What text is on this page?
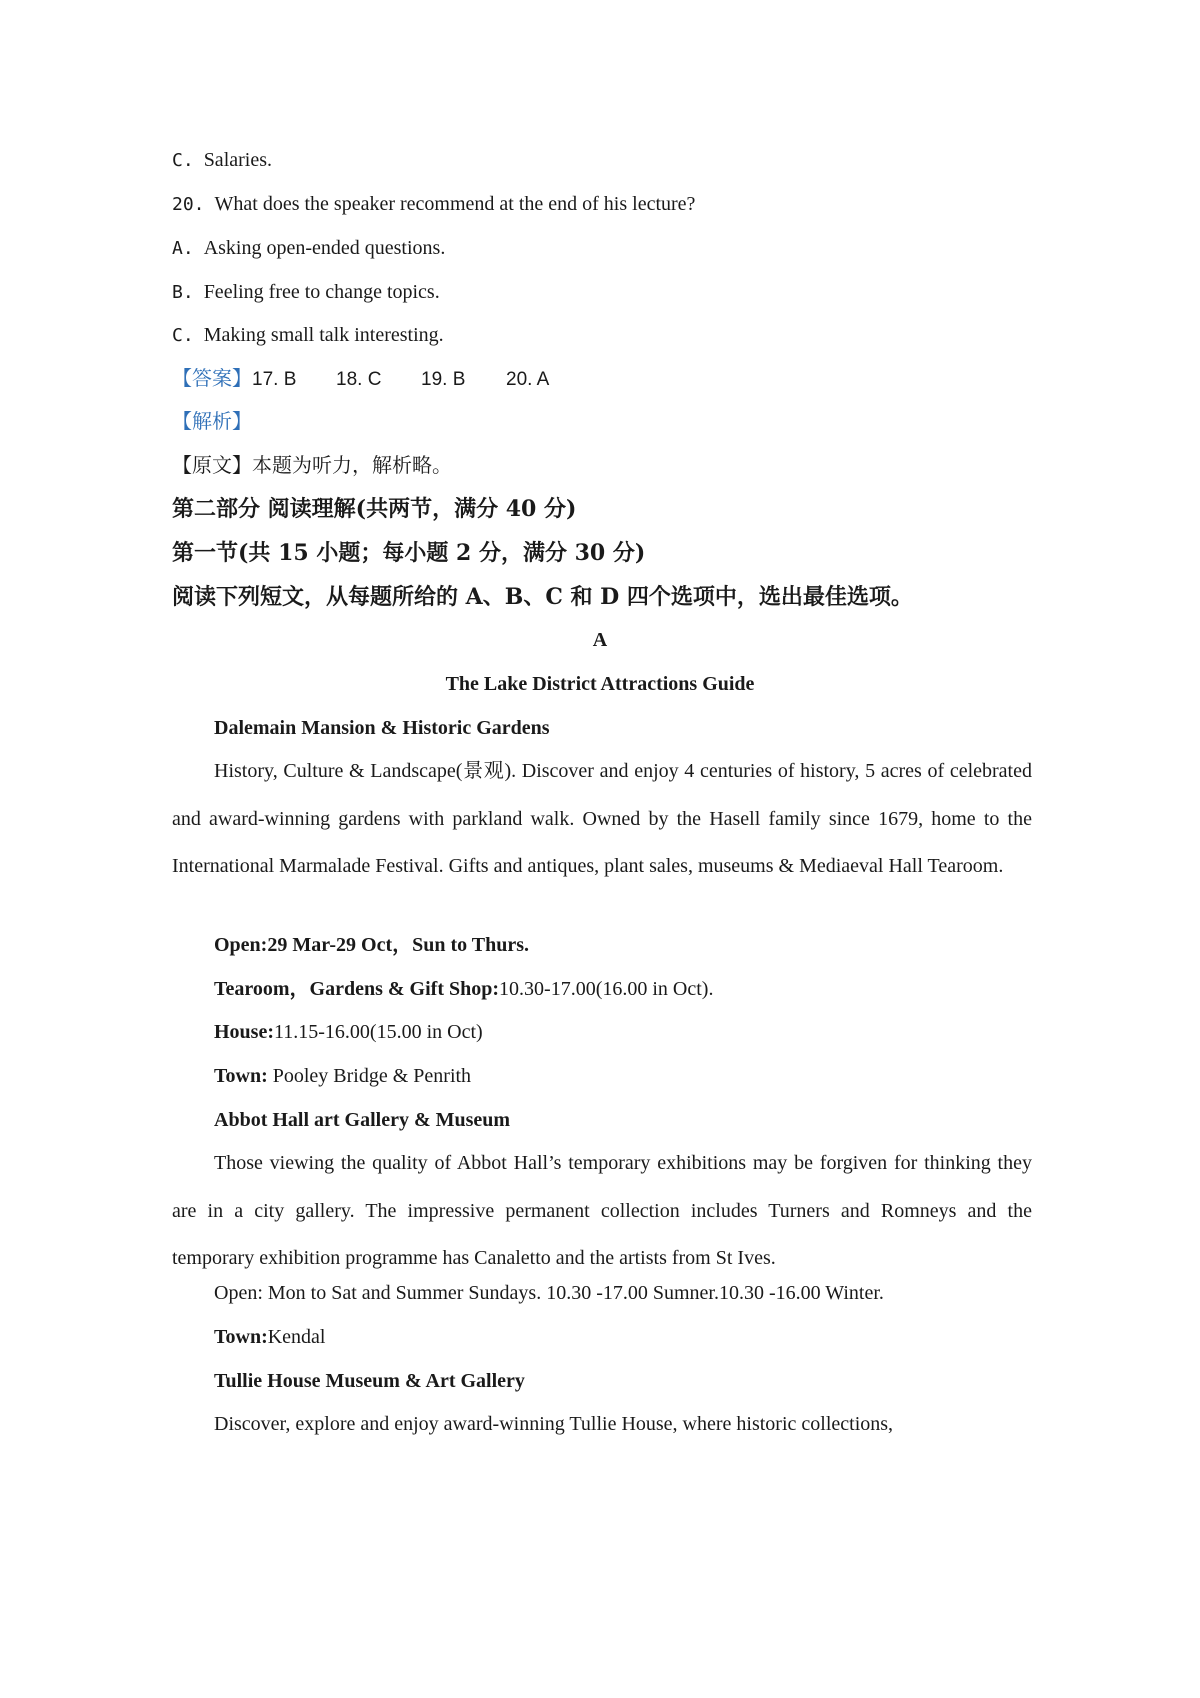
C. Salaries.
20. What does the speaker recommend at the end of his lecture?
A. Asking open-ended questions.
B. Feeling free to change topics.
C. Making small talk interesting.
【答案】17. B 18. C 19. B 20. A
【解析】
【原文】本题为听力，解析略。
第二部分 阅读理解(共两节，满分 40 分)
第一节(共 15 小题；每小题 2 分，满分 30 分)
阅读下列短文，从每题所给的 A、B、C 和 D 四个选项中，选出最佳选项。
A
The Lake District Attractions Guide
Dalemain Mansion & Historic Gardens
History, Culture & Landscape(景观). Discover and enjoy 4 centuries of history, 5 acres of celebrated and award-winning gardens with parkland walk. Owned by the Hasell family since 1679, home to the International Marmalade Festival. Gifts and antiques, plant sales, museums & Mediaeval Hall Tearoom.
Open:29 Mar-29 Oct，Sun to Thurs.
Tearoom，Gardens & Gift Shop:10.30-17.00(16.00 in Oct).
House:11.15-16.00(15.00 in Oct)
Town: Pooley Bridge & Penrith
Abbot Hall art Gallery & Museum
Those viewing the quality of Abbot Hall’s temporary exhibitions may be forgiven for thinking they are in a city gallery. The impressive permanent collection includes Turners and Romneys and the temporary exhibition programme has Canaletto and the artists from St Ives.
Open: Mon to Sat and Summer Sundays. 10.30 -17.00 Sumner.10.30 -16.00 Winter.
Town:Kendal
Tullie House Museum & Art Gallery
Discover, explore and enjoy award-winning Tullie House, where historic collections,
